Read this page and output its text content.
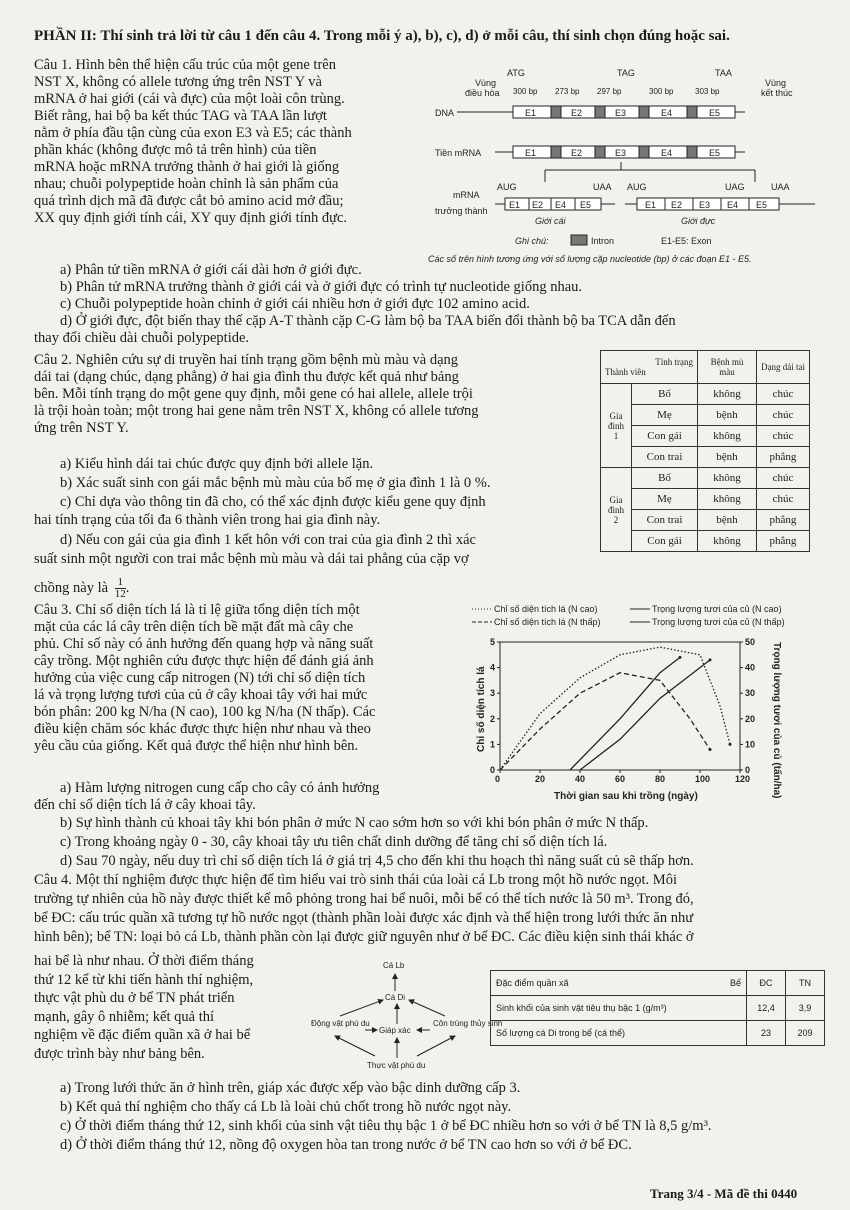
PHẦN II: Thí sinh trả lời từ câu 1 đến câu 4. Trong mỗi ý a), b), c), d) ở mỗi câu, thí sinh chọn đúng hoặc sai.
Câu 1. Hình bên thể hiện cấu trúc của một gene trên
NST X, không có allele tương ứng trên NST Y và
mRNA ở hai giới (cái và đực) của một loài côn trùng.
Biết rằng, hai bộ ba kết thúc TAG và TAA lần lượt
nằm ở phía đầu tận cùng của exon E3 và E5; các thành
phần khác (không được mô tả trên hình) của tiền
mRNA hoặc mRNA trưởng thành ở hai giới là giống
nhau; chuỗi polypeptide hoàn chỉnh là sản phẩm của
quá trình dịch mã đã được cắt bỏ amino acid mở đầu;
XX quy định giới tính cái, XY quy định giới tính đực.
ATG	TAG	TAA
Vùng
điều hòa
Vùng
kết thúc
300 bp 273 bp 297 bp	300 bp	303 bp
DNA	E1	E2	E3	E4	E5
Tiền mRNA	E1	E2	E3	E4	E5
mRNA
trưởng thành
AUG	UAA AUG	UAG	UAA
E1 E2 E4 E5	E1 E2 E3 E4 E5
Giới cái	Giới đực
Ghi chú:	Intron	E1-E5: Exon
Các số trên hình tương ứng với số lượng cặp nucleotide (bp) ở các đoạn E1 - E5.
a) Phân tử tiền mRNA ở giới cái dài hơn ở giới đực.
b) Phân tử mRNA trưởng thành ở giới cái và ở giới đực có trình tự nucleotide giống nhau.
c) Chuỗi polypeptide hoàn chỉnh ở giới cái nhiều hơn ở giới đực 102 amino acid.
d) Ở giới đực, đột biến thay thế cặp A-T thành cặp C-G làm bộ ba TAA biến đổi thành bộ ba TCA dẫn đến
thay đổi chiều dài chuỗi polypeptide.
Câu 2. Nghiên cứu sự di truyền hai tính trạng gồm bệnh mù màu và dạng
dái tai (dạng chúc, dạng phẳng) ở hai gia đình thu được kết quả như bảng
bên. Mỗi tính trạng do một gene quy định, mỗi gene có hai allele, allele trội
là trội hoàn toàn; một trong hai gene nằm trên NST X, không có allele tương
ứng trên NST Y.
a) Kiểu hình dái tai chúc được quy định bởi allele lặn.
b) Xác suất sinh con gái mắc bệnh mù màu của bố mẹ ở gia đình 1 là 0 %.
c) Chỉ dựa vào thông tin đã cho, có thể xác định được kiểu gene quy định
hai tính trạng của tối đa 6 thành viên trong hai gia đình này.
d) Nếu con gái của gia đình 1 kết hôn với con trai của gia đình 2 thì xác
suất sinh một người con trai mắc bệnh mù màu và dái tai phẳng của cặp vợ
chồng này là $\frac{1}{12}$ .
Tính trạng
Thành viên		Bệnh mù màu	Dạng dái tai
Gia đình 1	Bố	không	chúc
	Mẹ	bệnh	chúc
	Con gái	không	chúc
	Con trai	bệnh	phẳng
Gia đình 2	Bố	không	chúc
	Mẹ	không	chúc
	Con trai	bệnh	phẳng
	Con gái	không	phẳng
Câu 3. Chỉ số diện tích lá là tỉ lệ giữa tổng diện tích một
mặt của các lá cây trên diện tích bề mặt đất mà cây che
phủ. Chỉ số này có ảnh hưởng đến quang hợp và năng suất
cây trồng. Một nghiên cứu được thực hiện để đánh giá ảnh
hưởng của việc cung cấp nitrogen (N) tới chỉ số diện tích
lá và trọng lượng tươi của củ ở cây khoai tây với hai mức
bón phân: 200 kg N/ha (N cao), 100 kg N/ha (N thấp). Các
điều kiện chăm sóc khác được thực hiện như nhau và theo
yêu cầu của giống. Kết quả được thể hiện như hình bên.
a) Hàm lượng nitrogen cung cấp cho cây có ảnh hưởng
đến chỉ số diện tích lá ở cây khoai tây.
b) Sự hình thành củ khoai tây khi bón phân ở mức N cao sớm hơn so với khi bón phân ở mức N thấp.
c) Trong khoảng ngày 0 - 30, cây khoai tây ưu tiên chất dinh dưỡng để tăng chỉ số diện tích lá.
d) Sau 70 ngày, nếu duy trì chỉ số diện tích lá ở giá trị 4,5 cho đến khi thu hoạch thì năng suất củ sẽ thấp hơn.
Chỉ số diện tích lá (N cao)	Trọng lượng tươi của củ (N cao)
Chỉ số diện tích lá (N thấp)	Trọng lượng tươi của củ (N thấp)
Chỉ số diện tích lá	Trọng lượng tươi của củ (tấn/ha)
Thời gian sau khi trồng (ngày)
0	20	40	60	80	100	120
0
1
2
3
4
5
0
10
20
30
40
50
Câu 4. Một thí nghiệm được thực hiện để tìm hiểu vai trò sinh thái của loài cá Lb trong một hồ nước ngọt. Môi
trường tự nhiên của hồ này được thiết kế mô phỏng trong hai bể nuôi, mỗi bể có thể tích nước là 50 m³. Trong đó,
bể ĐC: cấu trúc quần xã tương tự hồ nước ngọt (thành phần loài được xác định và thể hiện trong lưới thức ăn như
hình bên); bể TN: loại bỏ cá Lb, thành phần còn lại được giữ nguyên như ở bể ĐC. Các điều kiện sinh thái khác ở
hai bể là như nhau. Ở thời điểm tháng
thứ 12 kể từ khi tiến hành thí nghiệm,
thực vật phù du ở bể TN phát triển
mạnh, gây ô nhiễm; kết quả thí
nghiệm về đặc điểm quần xã ở hai bể
được trình bày như bảng bên.
Cá Lb
Cá Di
Động vật phù du
Giáp xác
Côn trùng thủy sinh
Thực vật phù du
Đặc điểm quần xã Bể	ĐC	TN
Sinh khối của sinh vật tiêu thụ bậc 1 (g/m³)	12,4	3,9
Số lượng cá Di trong bể (cá thể)	23	209
a) Trong lưới thức ăn ở hình trên, giáp xác được xếp vào bậc dinh dưỡng cấp 3.
b) Kết quả thí nghiệm cho thấy cá Lb là loài chủ chốt trong hồ nước ngọt này.
c) Ở thời điểm tháng thứ 12, sinh khối của sinh vật tiêu thụ bậc 1 ở bể ĐC nhiều hơn so với ở bể TN là 8,5 g/m³.
d) Ở thời điểm tháng thứ 12, nồng độ oxygen hòa tan trong nước ở bể TN cao hơn so với ở bể ĐC.
Trang 3/4 - Mã đề thi 0440
